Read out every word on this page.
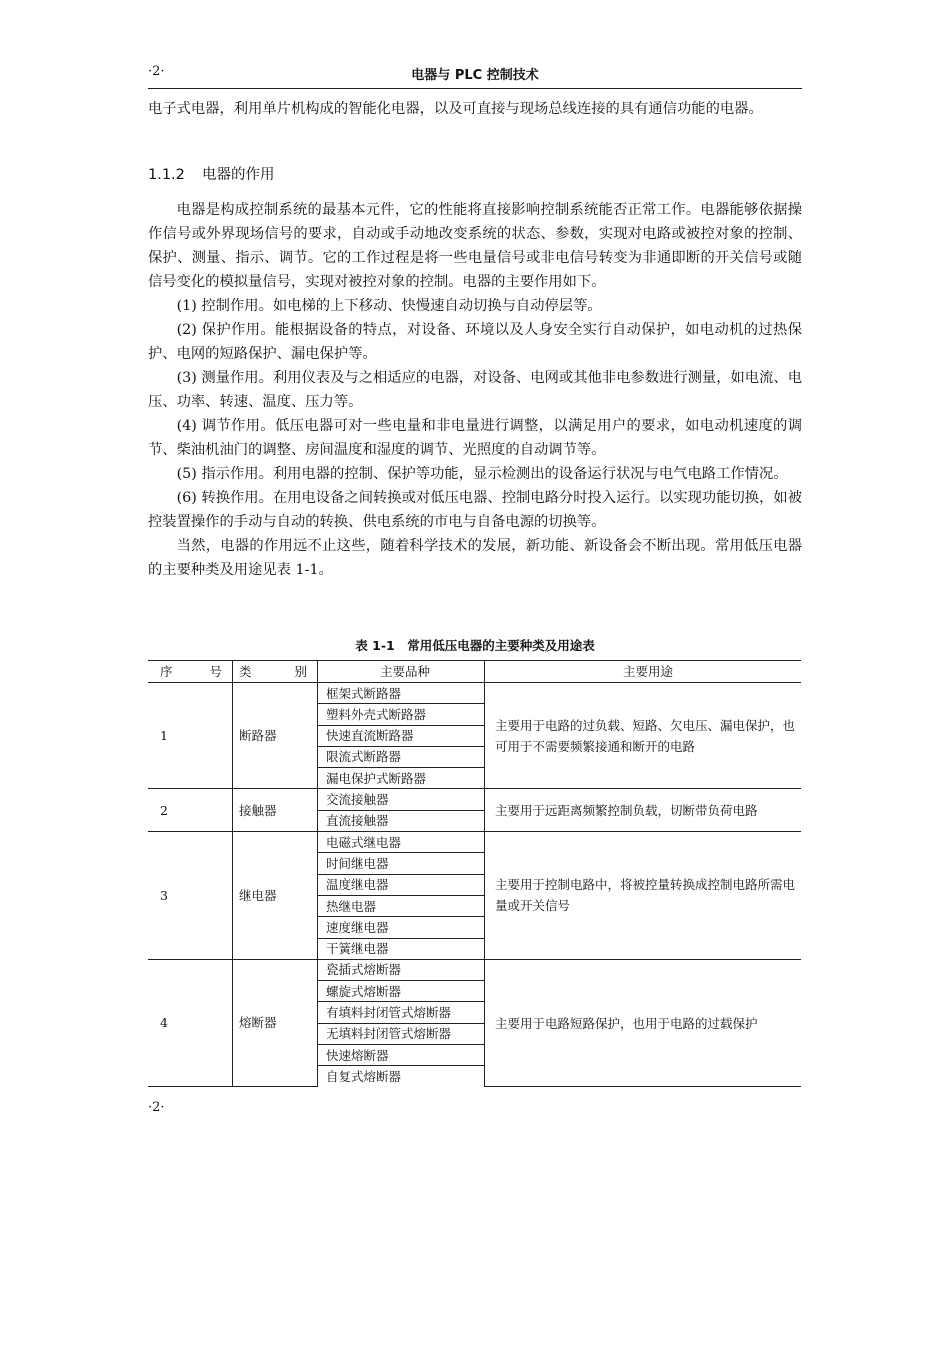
·2·	电器与 PLC 控制技术

电子式电器，利用单片机构成的智能化电器，以及可直接与现场总线连接的具有通信功能的电器。

1.1.2 电器的作用

电器是构成控制系统的最基本元件，它的性能将直接影响控制系统能否正常工作。电器能够依据操作信号或外界现场信号的要求，自动或手动地改变系统的状态、参数，实现对电路或被控对象的控制、保护、测量、指示、调节。它的工作过程是将一些电量信号或非电信号转变为非通即断的开关信号或随信号变化的模拟量信号，实现对被控对象的控制。电器的主要作用如下。

(1) 控制作用。如电梯的上下移动、快慢速自动切换与自动停层等。

(2) 保护作用。能根据设备的特点，对设备、环境以及人身安全实行自动保护，如电动机的过热保护、电网的短路保护、漏电保护等。

(3) 测量作用。利用仪表及与之相适应的电器，对设备、电网或其他非电参数进行测量，如电流、电压、功率、转速、温度、压力等。

(4) 调节作用。低压电器可对一些电量和非电量进行调整，以满足用户的要求，如电动机速度的调节、柴油机油门的调整、房间温度和湿度的调节、光照度的自动调节等。

(5) 指示作用。利用电器的控制、保护等功能，显示检测出的设备运行状况与电气电路工作情况。

(6) 转换作用。在用电设备之间转换或对低压电器、控制电路分时投入运行。以实现功能切换，如被控装置操作的手动与自动的转换、供电系统的市电与自备电源的切换等。

当然，电器的作用远不止这些，随着科学技术的发展，新功能、新设备会不断出现。常用低压电器的主要种类及用途见表 1-1。

表 1-1　常用低压电器的主要种类及用途表
序 号	类 别	主要品种	主要用途
1	断路器	框架式断路器	主要用于电路的过负载、短路、欠电压、漏电保护，也可用于不需要频繁接通和断开的电路
		塑料外壳式断路器	
		快速直流断路器	
		限流式断路器	
		漏电保护式断路器	
2	接触器	交流接触器	主要用于远距离频繁控制负载，切断带负荷电路
		直流接触器	
3	继电器	电磁式继电器	主要用于控制电路中，将被控量转换成控制电路所需电量或开关信号
		时间继电器	
		温度继电器	
		热继电器	
		速度继电器	
		干簧继电器	
4	熔断器	瓷插式熔断器	主要用于电路短路保护，也用于电路的过载保护
		螺旋式熔断器	
		有填料封闭管式熔断器	
		无填料封闭管式熔断器	
		快速熔断器	
		自复式熔断器	
·2·
